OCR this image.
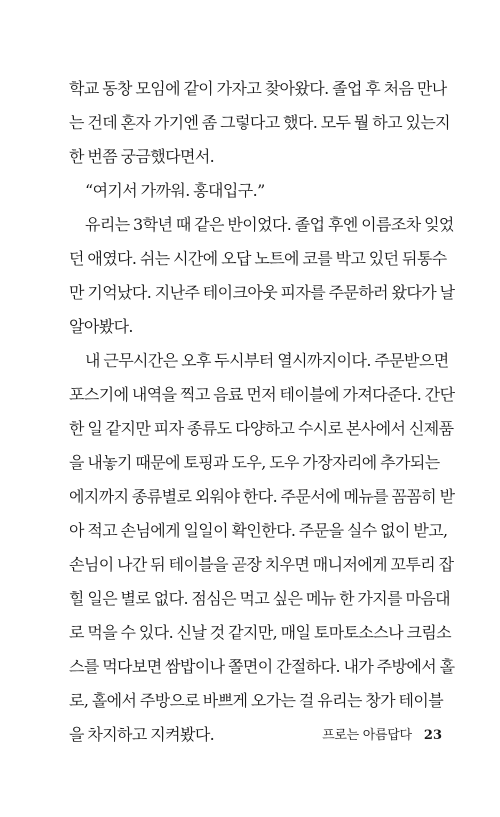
학교 동창 모임에 같이 가자고 찾아왔다. 졸업 후 처음 만나
는 건데 혼자 가기엔 좀 그렇다고 했다. 모두 뭘 하고 있는지
한 번쯤 궁금했다면서.
“여기서 가까워. 홍대입구.”
유리는 3학년 때 같은 반이었다. 졸업 후엔 이름조차 잊었
던 애였다. 쉬는 시간에 오답 노트에 코를 박고 있던 뒤통수
만 기억났다. 지난주 테이크아웃 피자를 주문하러 왔다가 날
알아봤다.
내 근무시간은 오후 두시부터 열시까지이다. 주문받으면
포스기에 내역을 찍고 음료 먼저 테이블에 가져다준다. 간단
한 일 같지만 피자 종류도 다양하고 수시로 본사에서 신제품
을 내놓기 때문에 토핑과 도우, 도우 가장자리에 추가되는
에지까지 종류별로 외워야 한다. 주문서에 메뉴를 꼼꼼히 받
아 적고 손님에게 일일이 확인한다. 주문을 실수 없이 받고,
손님이 나간 뒤 테이블을 곧장 치우면 매니저에게 꼬투리 잡
힐 일은 별로 없다. 점심은 먹고 싶은 메뉴 한 가지를 마음대
로 먹을 수 있다. 신날 것 같지만, 매일 토마토소스나 크림소
스를 먹다보면 쌈밥이나 쫄면이 간절하다. 내가 주방에서 홀
로, 홀에서 주방으로 바쁘게 오가는 걸 유리는 창가 테이블
을 차지하고 지켜봤다.	프로는 아름답다 23
